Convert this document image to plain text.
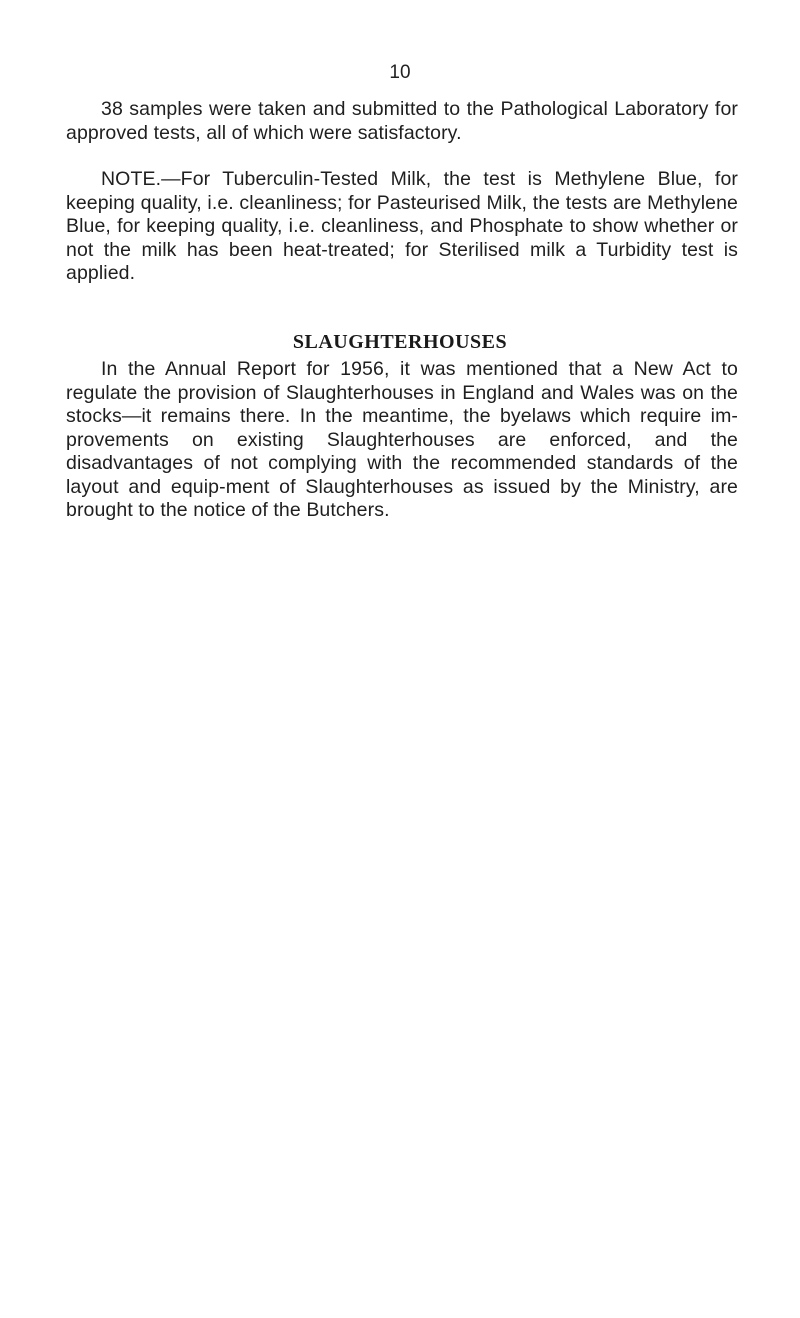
10

38 samples were taken and submitted to the Pathological Laboratory for approved tests, all of which were satisfactory.

NOTE.—For Tuberculin-Tested Milk, the test is Methylene Blue, for keeping quality, i.e. cleanliness; for Pasteurised Milk, the tests are Methylene Blue, for keeping quality, i.e. cleanliness, and Phosphate to show whether or not the milk has been heat-treated; for Sterilised milk a Turbidity test is applied.

SLAUGHTERHOUSES

In the Annual Report for 1956, it was mentioned that a New Act to regulate the provision of Slaughterhouses in England and Wales was on the stocks—it remains there. In the meantime, the byelaws which require im-provements on existing Slaughterhouses are enforced, and the disadvantages of not complying with the recommended standards of the layout and equip-ment of Slaughterhouses as issued by the Ministry, are brought to the notice of the Butchers.
